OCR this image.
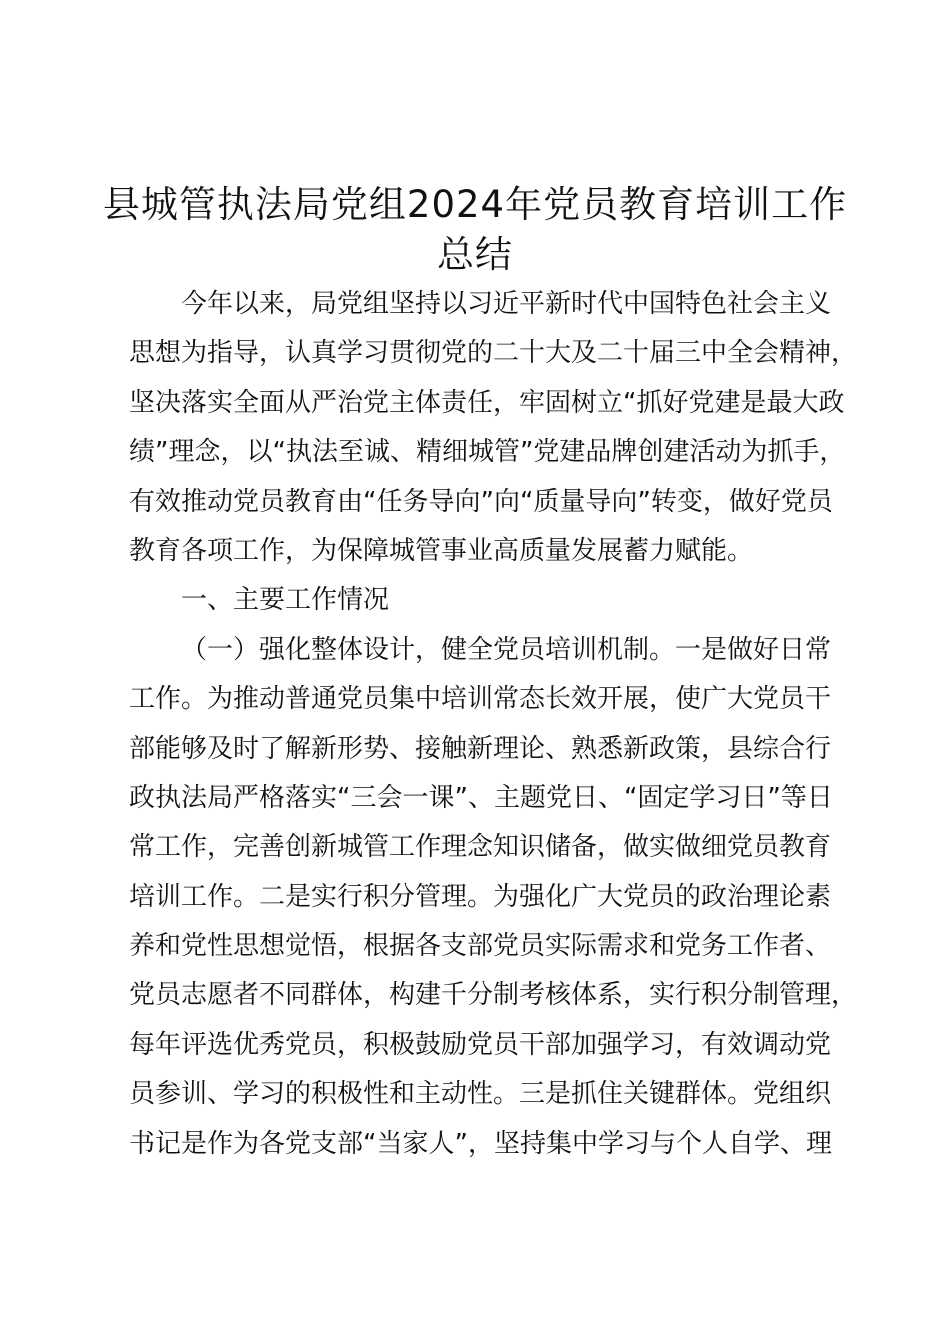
县城管执法局党组2024年党员教育培训工作
总结
今年以来，局党组坚持以习近平新时代中国特色社会主义
思想为指导，认真学习贯彻党的二十大及二十届三中全会精神，
坚决落实全面从严治党主体责任，牢固树立“抓好党建是最大政
绩”理念，以“执法至诚、精细城管”党建品牌创建活动为抓手，
有效推动党员教育由“任务导向”向“质量导向”转变，做好党员
教育各项工作，为保障城管事业高质量发展蓄力赋能。
一、主要工作情况
（一）强化整体设计，健全党员培训机制。一是做好日常
工作。为推动普通党员集中培训常态长效开展，使广大党员干
部能够及时了解新形势、接触新理论、熟悉新政策，县综合行
政执法局严格落实“三会一课”、主题党日、“固定学习日”等日
常工作，完善创新城管工作理念知识储备，做实做细党员教育
培训工作。二是实行积分管理。为强化广大党员的政治理论素
养和党性思想觉悟，根据各支部党员实际需求和党务工作者、
党员志愿者不同群体，构建千分制考核体系，实行积分制管理，
每年评选优秀党员，积极鼓励党员干部加强学习，有效调动党
员参训、学习的积极性和主动性。三是抓住关键群体。党组织
书记是作为各党支部“当家人”，坚持集中学习与个人自学、理
